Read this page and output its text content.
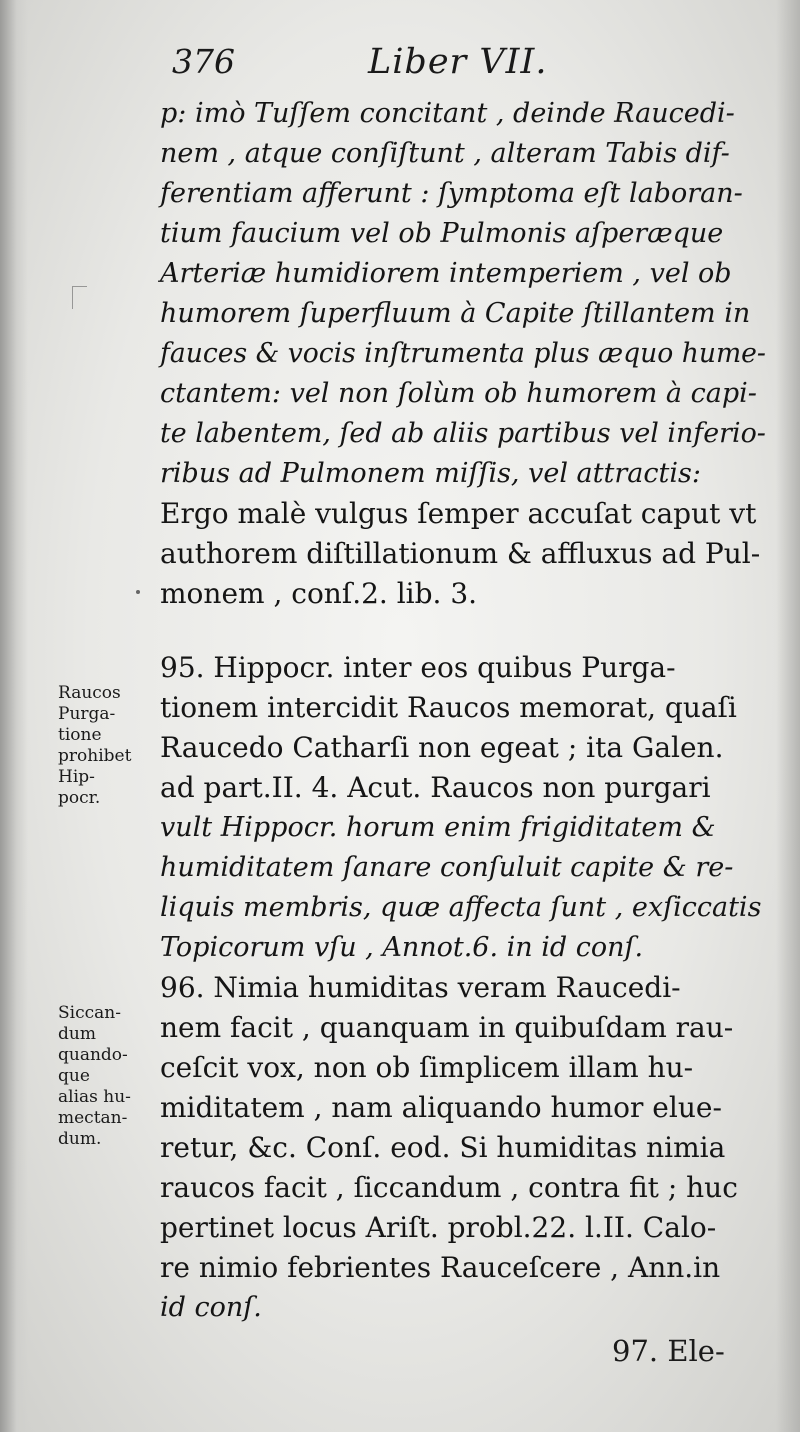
376	Liber VII.
p: imò Tuſſem concitant , deinde Raucedi-
nem , atque conſiſtunt , alteram Tabis dif-
ferentiam afferunt : ſymptoma eſt laboran-
tium faucium vel ob Pulmonis aſperæque
Arteriæ humidiorem intemperiem , vel ob
humorem ſuperfluum à Capite ſtillantem in
fauces & vocis inſtrumenta plus æquo hume-
ctantem: vel non ſolùm ob humorem à capi-
te labentem, ſed ab aliis partibus vel inferio-
ribus ad Pulmonem miſſis, vel attractis:
Ergo malè vulgus ſemper accuſat caput vt
authorem diſtillationum & affluxus ad Pul-
monem , conſ.2. lib. 3.
95. Hippocr. inter eos quibus Purga-
tionem intercidit Raucos memorat, quaſi
Raucedo Catharſi non egeat ; ita Galen.
ad part.II. 4. Acut. Raucos non purgari
vult Hippocr. horum enim frigiditatem &
humiditatem ſanare conſuluit capite & re-
liquis membris, quæ affecta ſunt , exſiccatis
Topicorum vſu , Annot.6. in id conſ.
96. Nimia humiditas veram Raucedi-
nem facit , quanquam in quibuſdam rau-
ceſcit vox, non ob ſimplicem illam hu-
miditatem , nam aliquando humor elue-
retur, &c. Conſ. eod. Si humiditas nimia
raucos facit , ſiccandum , contra fit ; huc
pertinet locus Ariſt. probl.22. l.II. Calo-
re nimio febrientes Rauceſcere , Ann.in
id conſ.
Raucos
Purga-
tione
prohibet
Hip-
pocr.
Siccan-
dum
quando-
que
alias hu-
mectan-
dum.
97. Ele-
